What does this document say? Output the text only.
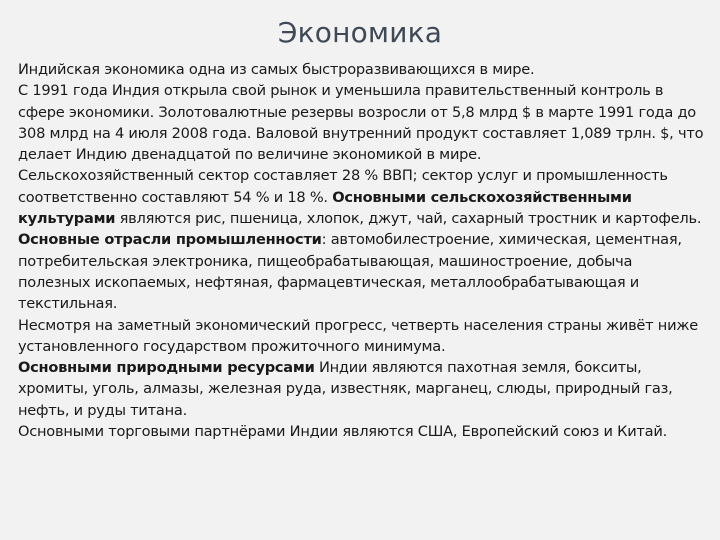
Экономика

Индийская экономика одна из самых быстроразвивающихся в мире.

С 1991 года Индия открыла свой рынок и уменьшила правительственный контроль в сфере экономики. Золотовалютные резервы возросли от 5,8 млрд $ в марте 1991 года до 308 млрд на 4 июля 2008 года. Валовой внутренний продукт составляет 1,089 трлн. $, что делает Индию двенадцатой по величине экономикой в мире.

Сельскохозяйственный сектор составляет 28 % ВВП; сектор услуг и промышленность соответственно составляют 54 % и 18 %. Основными сельскохозяйственными культурами являются рис, пшеница, хлопок, джут, чай, сахарный тростник и картофель.

Основные отрасли промышленности: автомобилестроение, химическая, цементная, потребительская электроника, пищеобрабатывающая, машиностроение, добыча полезных ископаемых, нефтяная, фармацевтическая, металлообрабатывающая и текстильная.

Несмотря на заметный экономический прогресс, четверть населения страны живёт ниже установленного государством прожиточного минимума.

Основными природными ресурсами Индии являются пахотная земля, бокситы, хромиты, уголь, алмазы, железная руда, известняк, марганец, слюды, природный газ, нефть, и руды титана.

Основными торговыми партнёрами Индии являются США, Европейский союз и Китай.
